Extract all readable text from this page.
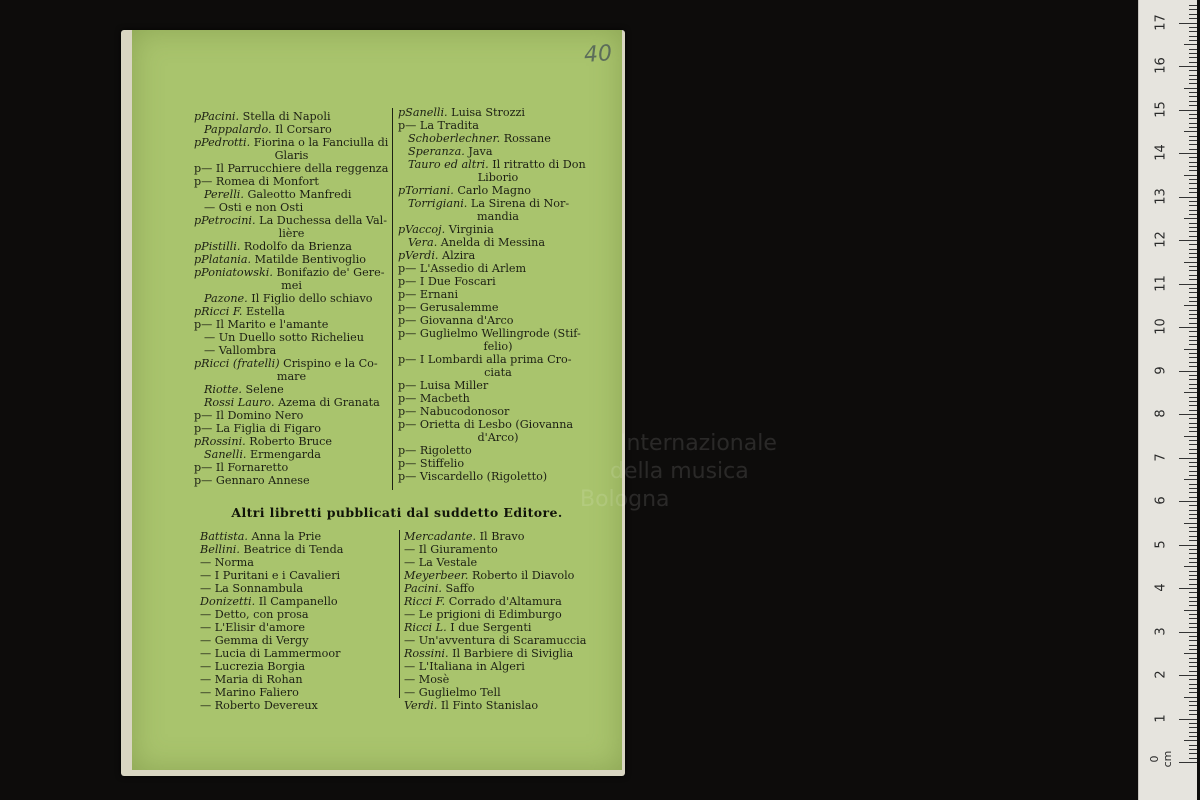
40
pPacini. Stella di Napoli
Pappalardo. Il Corsaro
pPedrotti. Fiorina o la Fanciulla di
Glaris
p— Il Parrucchiere della reggenza
p— Romea di Monfort
Perelli. Galeotto Manfredi
— Osti e non Osti
pPetrocini. La Duchessa della Val-
lière
pPistilli. Rodolfo da Brienza
pPlatania. Matilde Bentivoglio
pPoniatowski. Bonifazio de' Gere-
mei
Pazone. Il Figlio dello schiavo
pRicci F. Estella
p— Il Marito e l'amante
— Un Duello sotto Richelieu
— Vallombra
pRicci (fratelli) Crispino e la Co-
mare
Riotte. Selene
Rossi Lauro. Azema di Granata
p— Il Domino Nero
p— La Figlia di Figaro
pRossini. Roberto Bruce
Sanelli. Ermengarda
p— Il Fornaretto
p— Gennaro Annese
pSanelli. Luisa Strozzi
p— La Tradita
Schoberlechner. Rossane
Speranza. Java
Tauro ed altri. Il ritratto di Don
Liborio
pTorriani. Carlo Magno
Torrigiani. La Sirena di Nor-
mandia
pVaccoj. Virginia
Vera. Anelda di Messina
pVerdi. Alzira
p— L'Assedio di Arlem
p— I Due Foscari
p— Ernani
p— Gerusalemme
p— Giovanna d'Arco
p— Guglielmo Wellingrode (Stif-
felio)
p— I Lombardi alla prima Cro-
ciata
p— Luisa Miller
p— Macbeth
p— Nabucodonosor
p— Orietta di Lesbo (Giovanna
d'Arco)
p— Rigoletto
p— Stiffelio
p— Viscardello (Rigoletto)
Altri libretti pubblicati dal suddetto Editore.
Battista. Anna la Prie
Bellini. Beatrice di Tenda
— Norma
— I Puritani e i Cavalieri
— La Sonnambula
Donizetti. Il Campanello
— Detto, con prosa
— L'Elisir d'amore
— Gemma di Vergy
— Lucia di Lammermoor
— Lucrezia Borgia
— Maria di Rohan
— Marino Faliero
— Roberto Devereux
Mercadante. Il Bravo
— Il Giuramento
— La Vestale
Meyerbeer. Roberto il Diavolo
Pacini. Saffo
Ricci F. Corrado d'Altamura
— Le prigioni di Edimburgo
Ricci L. I due Sergenti
— Un'avventura di Scaramuccia
Rossini. Il Barbiere di Siviglia
— L'Italiana in Algeri
— Mosè
— Guglielmo Tell
Verdi. Il Finto Stanislao
Internazionale
della musica
Bologna
0 cm
1
2
3
4
5
6
7
8
9
10
11
12
13
14
15
16
17
